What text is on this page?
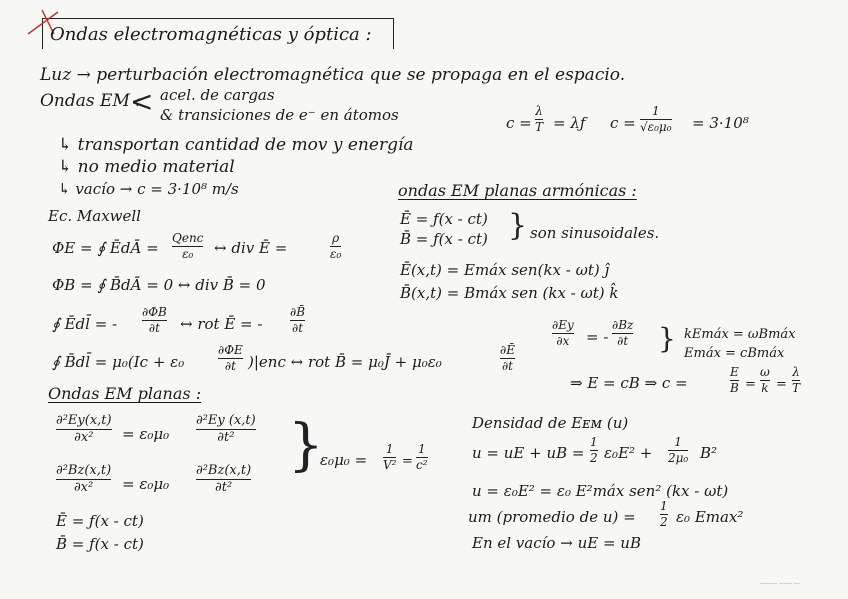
Ondas electromagnéticas y óptica :
Luz → perturbación electromagnética que se propaga en el espacio.
Ondas EM :
< acel. de cargas
& transiciones de e⁻ en átomos	c =
λ
T = λƒ c =
1
√ε₀μ₀ = 3·10⁸
↳ transportan cantidad de mov y energía
↳ no medio material
↳ vacío → c = 3·10⁸ m/s
Ec. Maxwell
ΦE = ∮ ĒdĀ =
Qenc
ε₀ ↔ div Ē =
ρ
ε₀
ΦB = ∮ B̄dĀ = 0 ↔ div B̄ = 0
∮ Ēdl̄ = -
∂ΦB
∂t ↔ rot Ē = -
∂B̄
∂t
∮ B̄dl̄ = μ₀(Ic + ε₀
∂ΦE
∂t )|enc ↔ rot B̄ = μ₀J̄ + μ₀ε₀
∂Ē
∂t
ondas EM planas armónicas :
Ē = ƒ(x - ct)
B̄ = ƒ(x - ct) } son sinusoidales.
Ē(x,t) = Emáx sen(kx - ωt) ĵ
B̄(x,t) = Bmáx sen (kx - ωt) k̂
∂Ey
∂x = -
∂Bz
∂t } kEmáx = ωBmáx
Emáx = cBmáx
⇒ E = cB ⇒ c =
E
B =
ω
k =
λ
T
Ondas EM planas :
∂²Ey(x,t)
∂x² = ε₀μ₀
∂²Ey (x,t)
∂t²
∂²Bz(x,t)
∂x² = ε₀μ₀
∂²Bz(x,t)
∂t²
}
ε₀μ₀ =
1
V² =
1
c²
Ē = ƒ(x - ct)
B̄ = ƒ(x - ct)
Densidad de Eᴇᴍ (u)
u = uE + uB =
1
2 ε₀E² +
1
2μ₀ B²
u = ε₀E² = ε₀ E²máx sen² (kx - ωt)
um (promedio de u) =
1
2 ε₀ Emax²
En el vacío → uE = uB
-------- ------ ---
